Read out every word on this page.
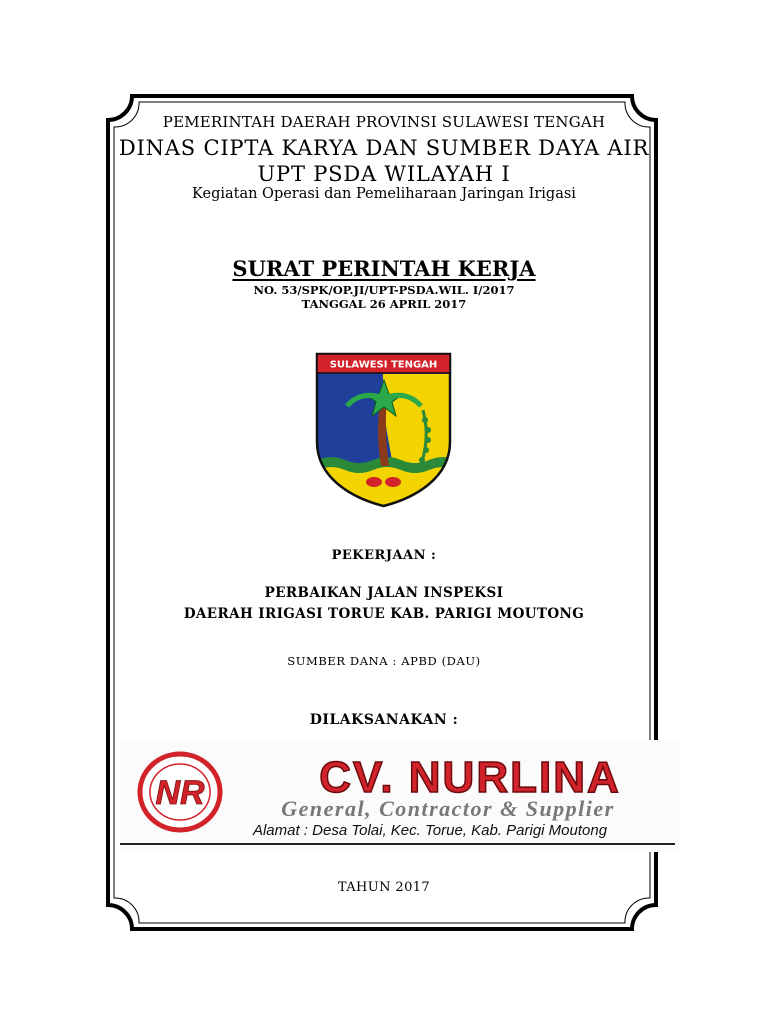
PEMERINTAH DAERAH PROVINSI SULAWESI TENGAH
DINAS CIPTA KARYA DAN SUMBER DAYA AIR
UPT PSDA WILAYAH I
Kegiatan Operasi dan Pemeliharaan Jaringan Irigasi
SURAT PERINTAH KERJA
NO. 53/SPK/OP.JI/UPT-PSDA.WIL. I/2017
TANGGAL 26 APRIL 2017
SULAWESI TENGAH
PEKERJAAN :
PERBAIKAN JALAN INSPEKSI
DAERAH IRIGASI TORUE KAB. PARIGI MOUTONG
SUMBER DANA : APBD (DAU)
DILAKSANAKAN :
NR	CV. NURLINA
General, Contractor & Supplier
Alamat : Desa Tolai, Kec. Torue, Kab. Parigi Moutong
TAHUN 2017
